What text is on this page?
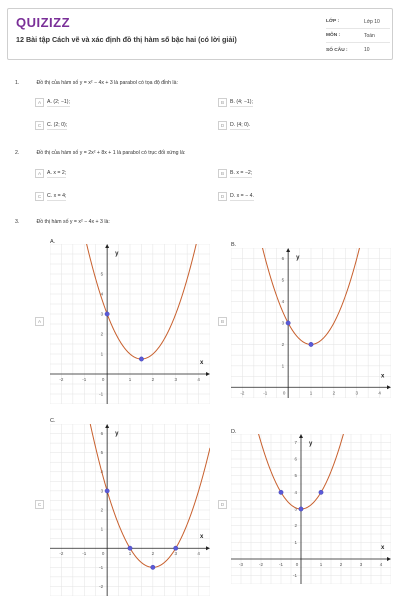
QUIZIZZ
12 Bài tập Cách vẽ và xác định đồ thị hàm số bậc hai (có lời giải)
LỚP :	Lớp 10
MÔN :	Toán
SỐ CÂU :	10
1.	Đồ thị của hàm số y = x² − 4x + 3 là parabol có tọa độ đỉnh là:
A	A. (2; −1);	B	B. (4; −1);
C	C. (2; 0);	D	D. (4; 0).
2.	Đồ thị của hàm số y = 2x² + 8x + 1 là parabol có trục đối xứng là:
A	A. x = 2;	B	B. x = −2;
C	C. x = 4;	D	D. x = − 4.
3.	Đồ thị hàm số y = x² − 4x + 3 là:
A.	B.
C.
D.
A	B
C	D
x
y
-2	-1	0	1	2	3	4
-1
1
2
3
4
5
x
y
-2	-1	0	1	2	3	4
1
2
3
4
5
6
x
y
-2	-1	0	1	2	3	4
-2
-1
1
2
3
4
5
6
x
y
-3	-2	-1	0	1	2	3	4
-1
1
2
3
4
5
6
7
